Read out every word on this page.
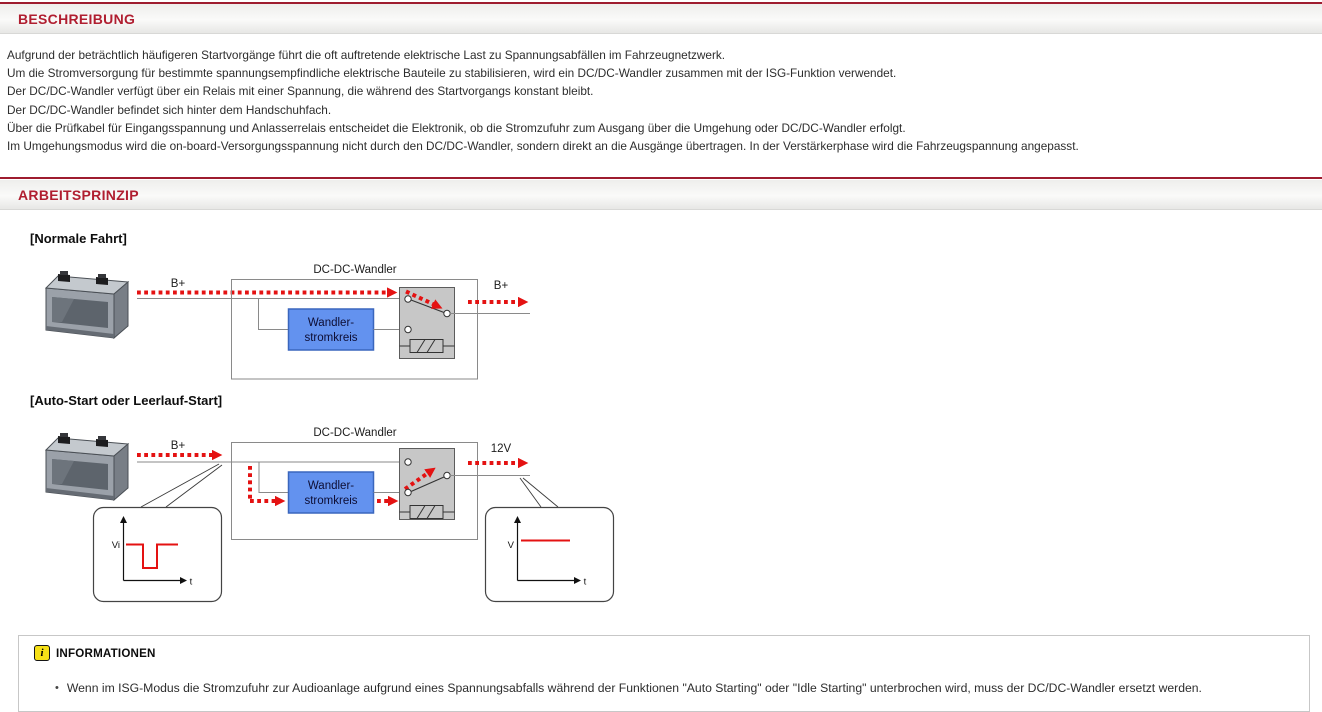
BESCHREIBUNG
Aufgrund der beträchtlich häufigeren Startvorgänge führt die oft auftretende elektrische Last zu Spannungsabfällen im Fahrzeugnetzwerk.
Um die Stromversorgung für bestimmte spannungsempfindliche elektrische Bauteile zu stabilisieren, wird ein DC/DC-Wandler zusammen mit der ISG-Funktion verwendet.
Der DC/DC-Wandler verfügt über ein Relais mit einer Spannung, die während des Startvorgangs konstant bleibt.
Der DC/DC-Wandler befindet sich hinter dem Handschuhfach.
Über die Prüfkabel für Eingangsspannung und Anlasserrelais entscheidet die Elektronik, ob die Stromzufuhr zum Ausgang über die Umgehung oder DC/DC-Wandler erfolgt.
Im Umgehungsmodus wird die on-board-Versorgungsspannung nicht durch den DC/DC-Wandler, sondern direkt an die Ausgänge übertragen. In der Verstärkerphase wird die Fahrzeugspannung angepasst.
ARBEITSPRINZIP
[Normale Fahrt]
B+
DC-DC-Wandler
Wandler-
stromkreis
B+
[Auto-Start oder Leerlauf-Start]
B+
DC-DC-Wandler
Wandler-
stromkreis
12V
Vi
t
V
t
i	INFORMATIONEN
• Wenn im ISG-Modus die Stromzufuhr zur Audioanlage aufgrund eines Spannungsabfalls während der Funktionen "Auto Starting" oder "Idle Starting" unterbrochen wird, muss der DC/DC-Wandler ersetzt werden.
